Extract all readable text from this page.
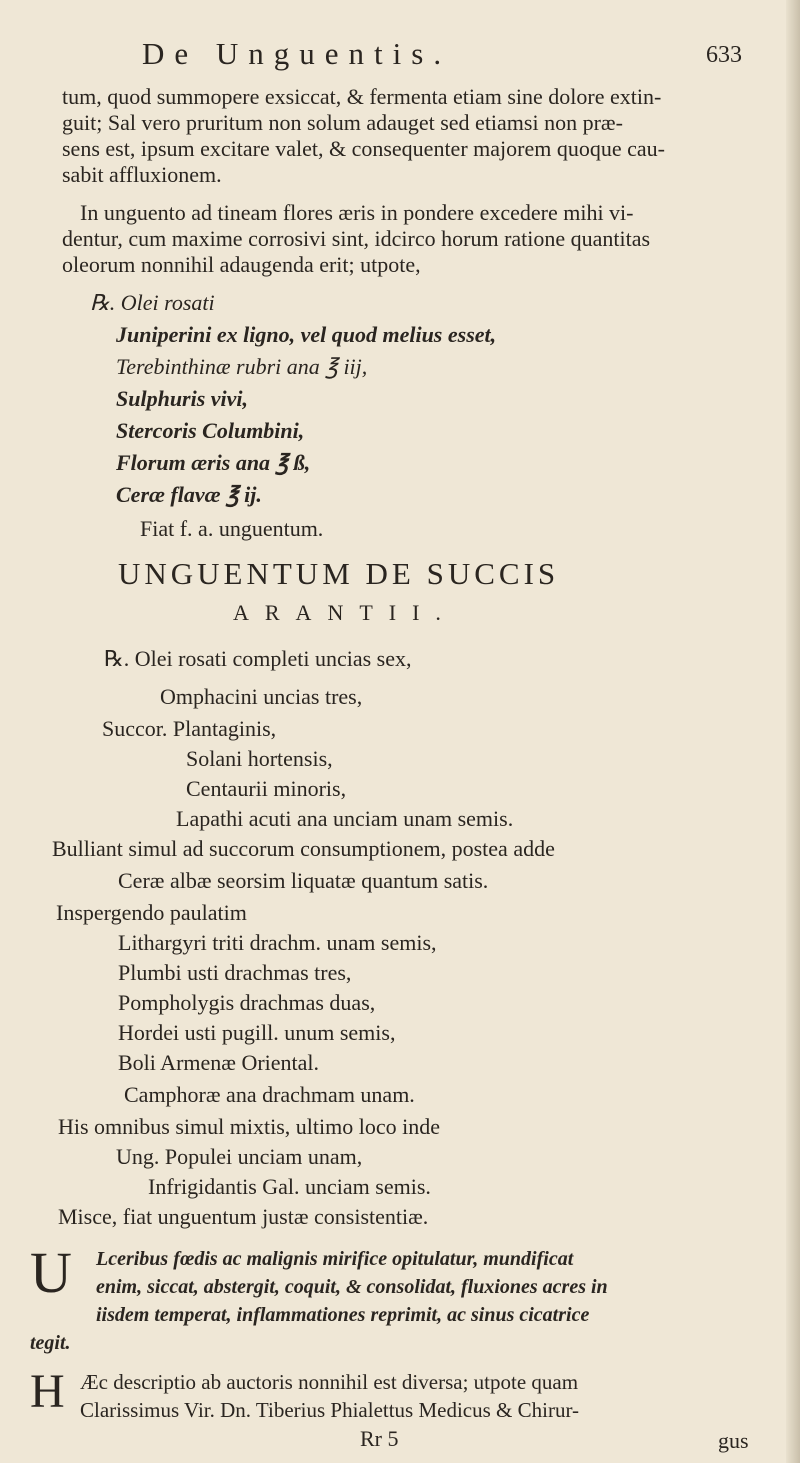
De Unguentis.	633
tum, quod summopere exsiccat, & fermenta etiam sine dolore extin-
guit; Sal vero pruritum non solum adauget sed etiamsi non præ-
sens est, ipsum excitare valet, & consequenter majorem quoque cau-
sabit affluxionem.
In unguento ad tineam flores æris in pondere excedere mihi vi-
dentur, cum maxime corrosivi sint, idcirco horum ratione quantitas
oleorum nonnihil adaugenda erit; utpote,
℞. Olei rosati
Juniperini ex ligno, vel quod melius esset,
Terebinthinæ rubri ana ℥ iij,
Sulphuris vivi,
Stercoris Columbini,
Florum æris ana ℥ ß,
Ceræ flavæ ℥ ij.
Fiat f. a. unguentum.
UNGUENTUM DE SUCCIS
ARANTII.
℞. Olei rosati completi uncias sex,
Omphacini uncias tres,
Succor. Plantaginis,
Solani hortensis,
Centaurii minoris,
Lapathi acuti ana unciam unam semis.
Bulliant simul ad succorum consumptionem, postea adde
Ceræ albæ seorsim liquatæ quantum satis.
Inspergendo paulatim
Lithargyri triti drachm. unam semis,
Plumbi usti drachmas tres,
Pompholygis drachmas duas,
Hordei usti pugill. unum semis,
Boli Armenæ Oriental.
Camphoræ ana drachmam unam.
His omnibus simul mixtis, ultimo loco inde
Ung. Populei unciam unam,
Infrigidantis Gal. unciam semis.
Misce, fiat unguentum justæ consistentiæ.
U Lceribus fœdis ac malignis mirifice opitulatur, mundificat
enim, siccat, abstergit, coquit, & consolidat, fluxiones acres in
iisdem temperat, inflammationes reprimit, ac sinus cicatrice
tegit.
H Æc descriptio ab auctoris nonnihil est diversa; utpote quam
Clarissimus Vir. Dn. Tiberius Phialettus Medicus & Chirur-
Rr 5	gus
